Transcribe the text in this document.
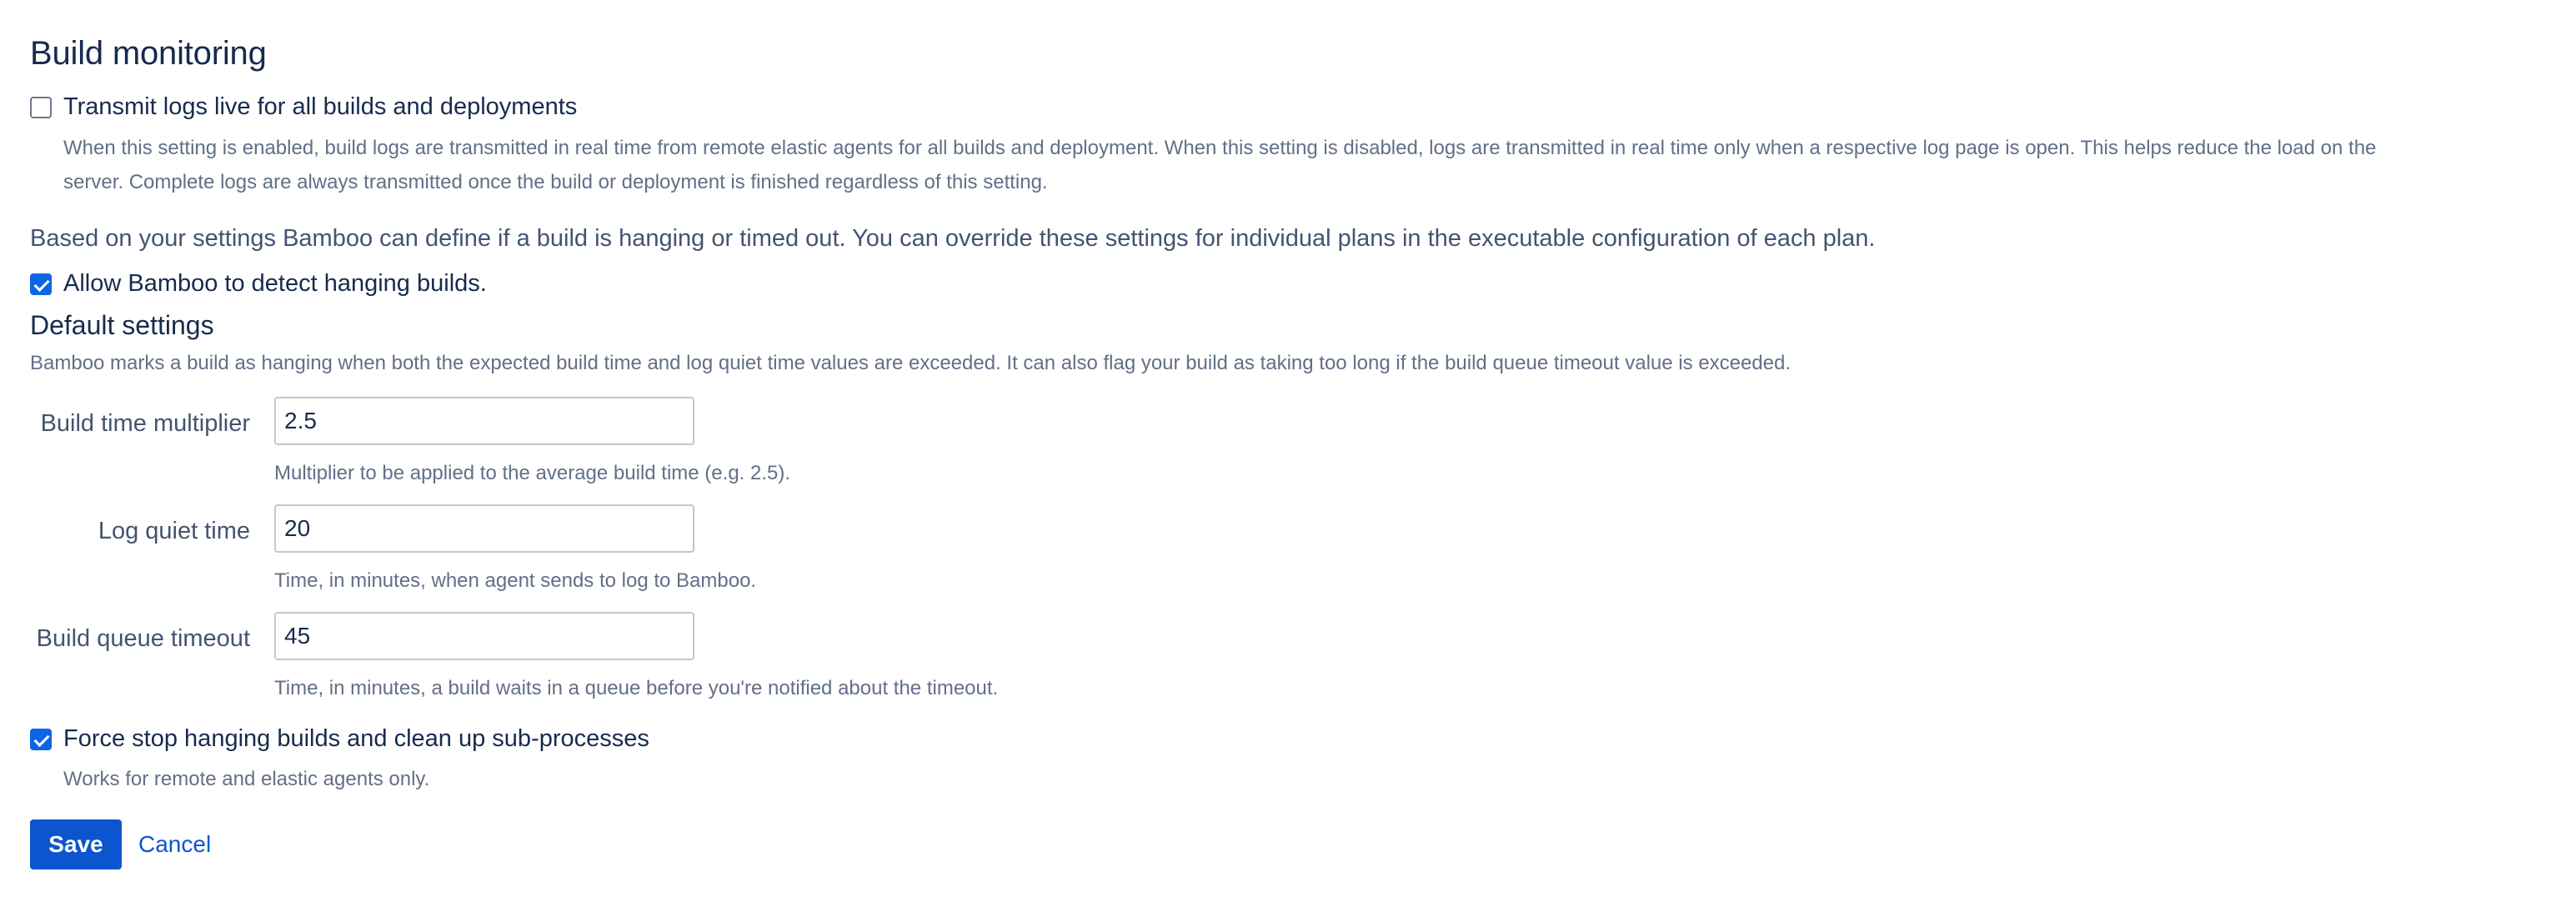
Build monitoring
Transmit logs live for all builds and deployments
When this setting is enabled, build logs are transmitted in real time from remote elastic agents for all builds and deployment. When this setting is disabled, logs are transmitted in real time only when a respective log page is open. This helps reduce the load on the
server. Complete logs are always transmitted once the build or deployment is finished regardless of this setting.
Based on your settings Bamboo can define if a build is hanging or timed out. You can override these settings for individual plans in the executable configuration of each plan.
Allow Bamboo to detect hanging builds.
Default settings
Bamboo marks a build as hanging when both the expected build time and log quiet time values are exceeded. It can also flag your build as taking too long if the build queue timeout value is exceeded.
Build time multiplier
2.5
Multiplier to be applied to the average build time (e.g. 2.5).
Log quiet time
20
Time, in minutes, when agent sends to log to Bamboo.
Build queue timeout
45
Time, in minutes, a build waits in a queue before you're notified about the timeout.
Force stop hanging builds and clean up sub-processes
Works for remote and elastic agents only.
Save	Cancel
